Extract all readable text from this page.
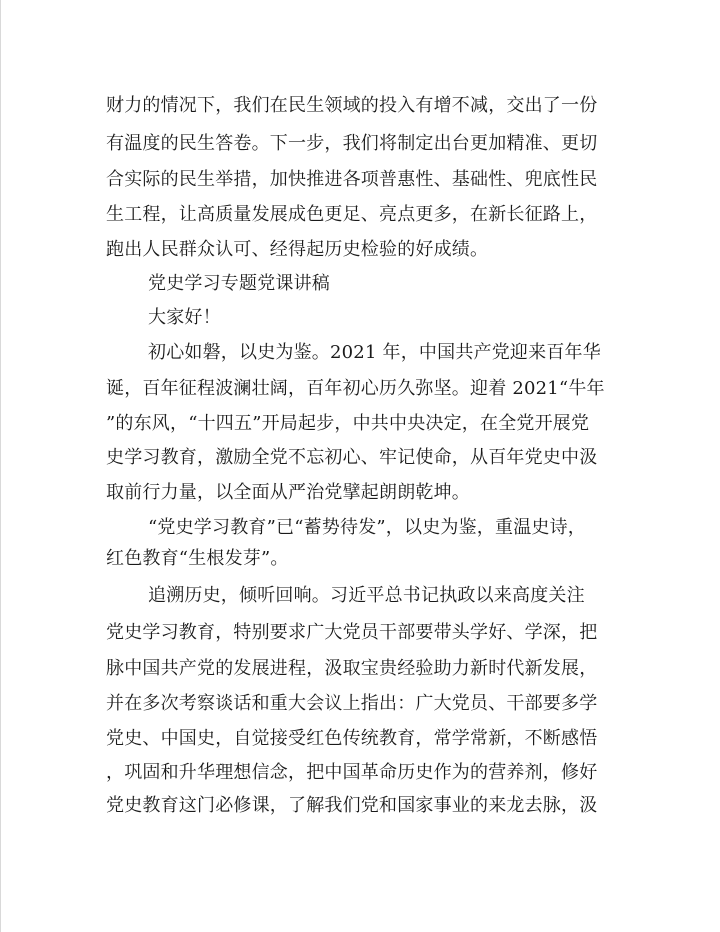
财力的情况下，我们在民生领域的投入有增不减，交出了一份
有温度的民生答卷。下一步，我们将制定出台更加精准、更切
合实际的民生举措，加快推进各项普惠性、基础性、兜底性民
生工程，让高质量发展成色更足、亮点更多，在新长征路上，
跑出人民群众认可、经得起历史检验的好成绩。
党史学习专题党课讲稿
大家好！
初心如磐，以史为鉴。2021 年，中国共产党迎来百年华
诞，百年征程波澜壮阔，百年初心历久弥坚。迎着 2021“牛年
”的东风，“十四五”开局起步，中共中央决定，在全党开展党
史学习教育，激励全党不忘初心、牢记使命，从百年党史中汲
取前行力量，以全面从严治党擘起朗朗乾坤。
“党史学习教育”已“蓄势待发”，以史为鉴，重温史诗，
红色教育“生根发芽”。
追溯历史，倾听回响。习近平总书记执政以来高度关注
党史学习教育，特别要求广大党员干部要带头学好、学深，把
脉中国共产党的发展进程，汲取宝贵经验助力新时代新发展，
并在多次考察谈话和重大会议上指出：广大党员、干部要多学
党史、中国史，自觉接受红色传统教育，常学常新，不断感悟
，巩固和升华理想信念，把中国革命历史作为的营养剂，修好
党史教育这门必修课，了解我们党和国家事业的来龙去脉，汲
